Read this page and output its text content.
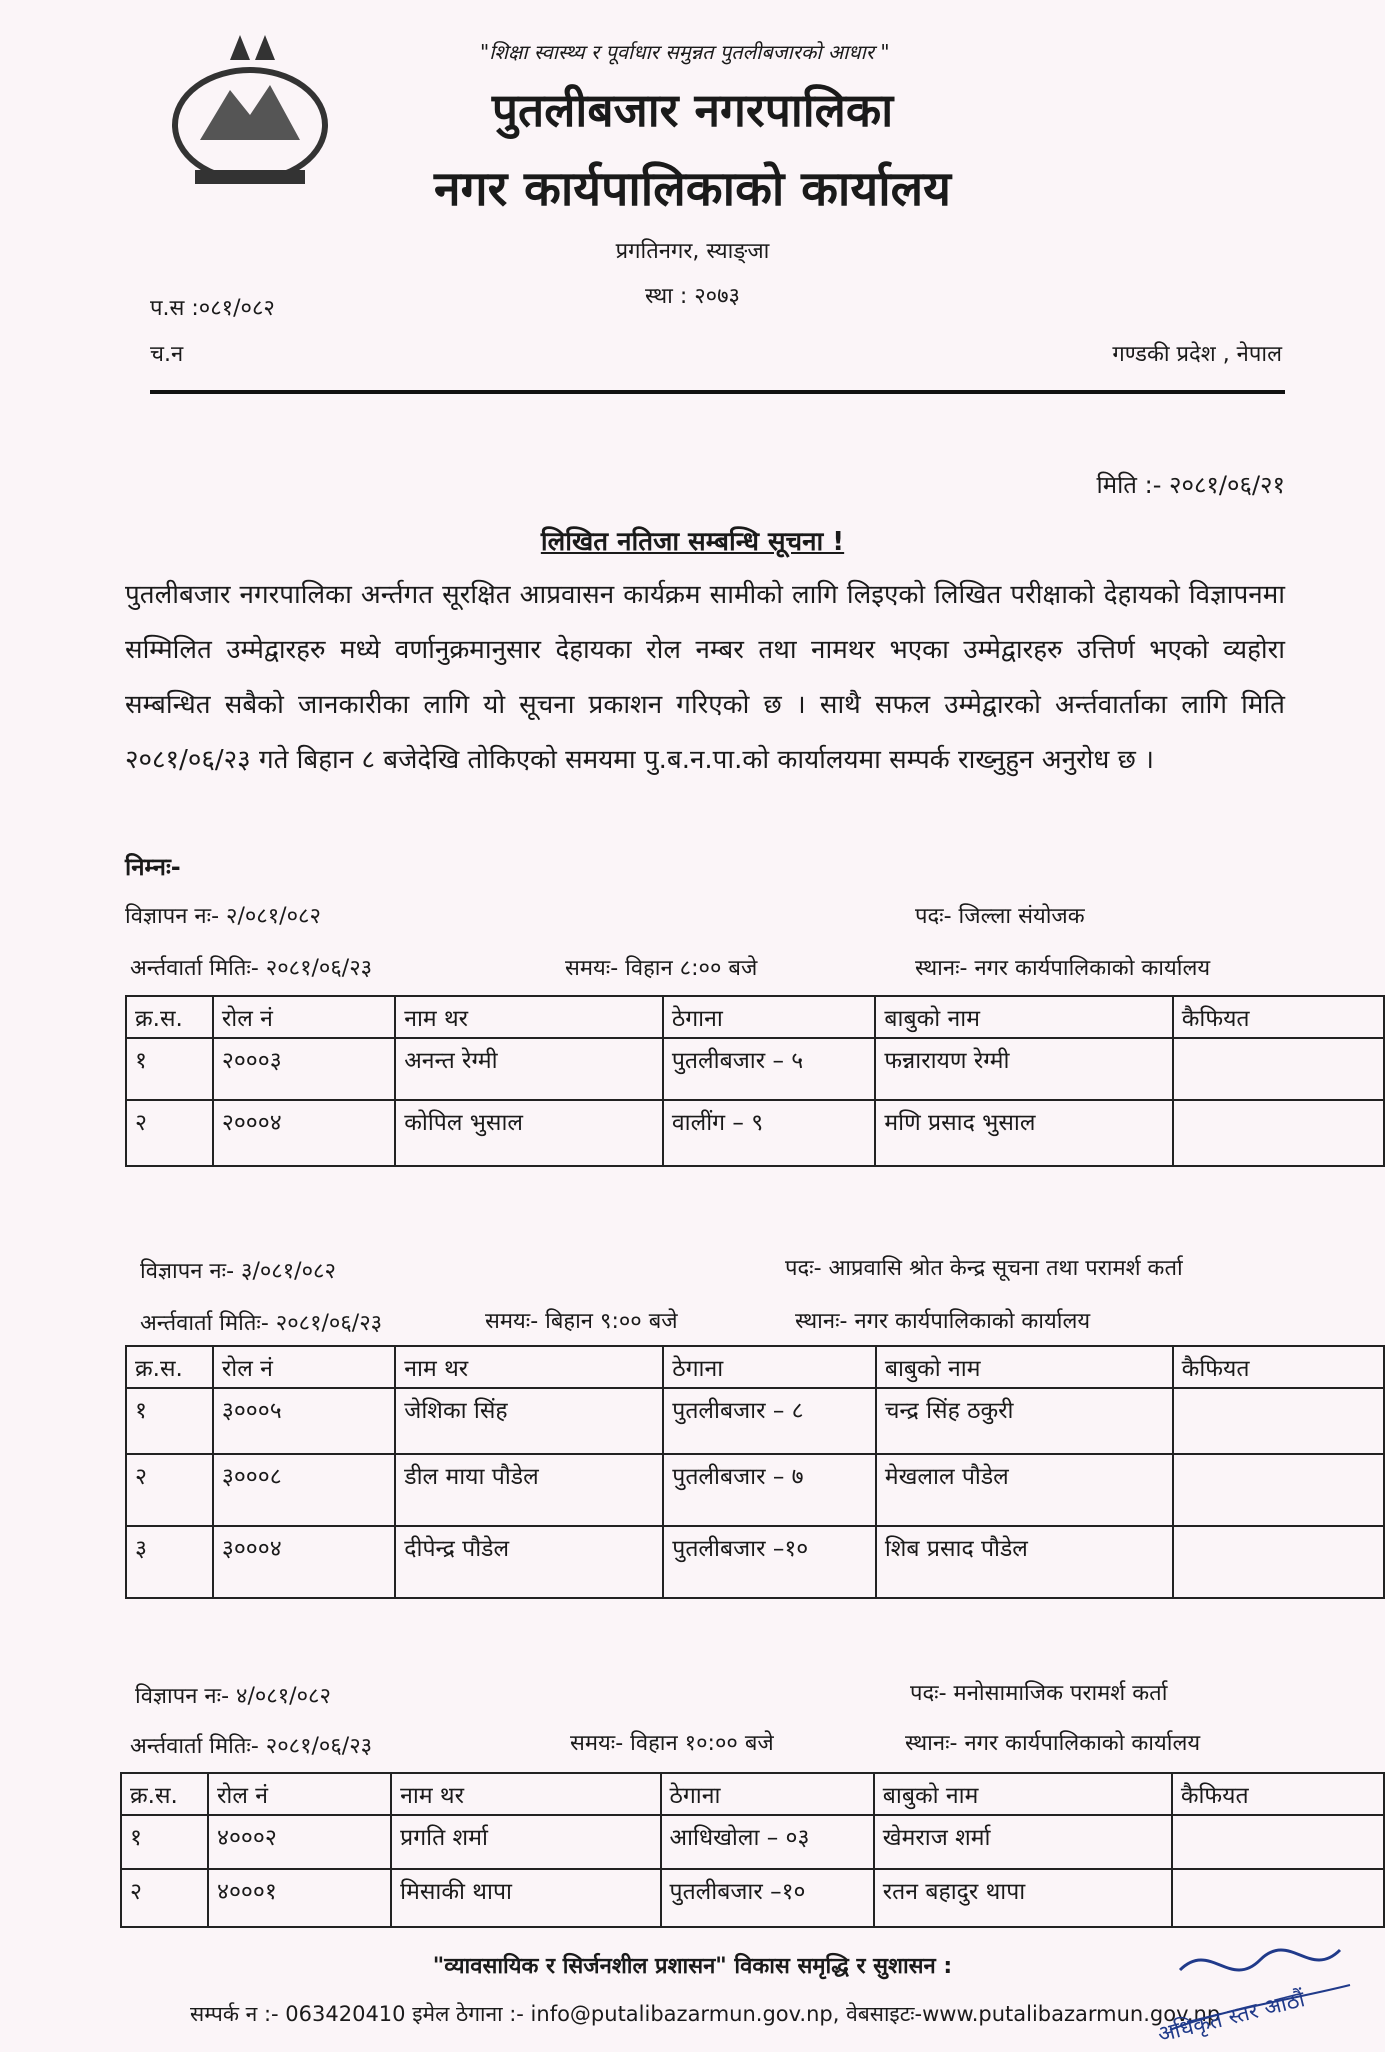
"शिक्षा स्वास्थ्य र पूर्वाधार समुन्नत पुतलीबजारको आधार "
पुतलीबजार नगरपालिका
नगर कार्यपालिकाको कार्यालय
प्रगतिनगर, स्याङ्जा
स्था : २०७३
प.स :०८१/०८२
च.न	गण्डकी प्रदेश , नेपाल
मिति :- २०८१/०६/२१
लिखित नतिजा सम्बन्धि सूचना !
पुतलीबजार नगरपालिका अर्न्तगत सूरक्षित आप्रवासन कार्यक्रम सामीको लागि लिइएको लिखित परीक्षाको देहायको विज्ञापनमा सम्मिलित उम्मेद्वारहरु मध्ये वर्णानुक्रमानुसार देहायका रोल नम्बर तथा नामथर भएका उम्मेद्वारहरु उत्तिर्ण भएको व्यहोरा सम्बन्धित सबैको जानकारीका लागि यो सूचना प्रकाशन गरिएको छ । साथै सफल उम्मेद्वारको अर्न्तवार्ताका लागि मिति २०८१/०६/२३ गते बिहान ८ बजेदेखि तोकिएको समयमा पु.ब.न.पा.को कार्यालयमा सम्पर्क राख्नुहुन अनुरोध छ ।
निम्नः-
विज्ञापन नः- २/०८१/०८२	पदः- जिल्ला संयोजक
अर्न्तवार्ता मितिः- २०८१/०६/२३	समयः- विहान ८:०० बजे	स्थानः- नगर कार्यपालिकाको कार्यालय
क्र.स.	रोल नं	नाम थर	ठेगाना	बाबुको नाम	कैफियत
१	२०००३	अनन्त रेग्मी	पुतलीबजार – ५	फन्नारायण रेग्मी	
२	२०००४	कोपिल भुसाल	वालींग – ९	मणि प्रसाद भुसाल	
विज्ञापन नः- ३/०८१/०८२	पदः- आप्रवासि श्रोत केन्द्र सूचना तथा परामर्श कर्ता
अर्न्तवार्ता मितिः- २०८१/०६/२३	समयः- बिहान ९:०० बजे	स्थानः- नगर कार्यपालिकाको कार्यालय
क्र.स.	रोल नं	नाम थर	ठेगाना	बाबुको नाम	कैफियत
१	३०००५	जेशिका सिंह	पुतलीबजार – ८	चन्द्र सिंह ठकुरी	
२	३०००८	डील माया पौडेल	पुतलीबजार – ७	मेखलाल पौडेल	
३	३०००४	दीपेन्द्र पौडेल	पुतलीबजार –१०	शिब प्रसाद पौडेल	
विज्ञापन नः- ४/०८१/०८२	पदः- मनोसामाजिक परामर्श कर्ता
अर्न्तवार्ता मितिः- २०८१/०६/२३	समयः- विहान १०:०० बजे	स्थानः- नगर कार्यपालिकाको कार्यालय
क्र.स.	रोल नं	नाम थर	ठेगाना	बाबुको नाम	कैफियत
१	४०००२	प्रगति शर्मा	आधिखोला – ०३	खेमराज शर्मा	
२	४०००१	मिसाकी थापा	पुतलीबजार –१०	रतन बहादुर थापा	
"व्यावसायिक र सिर्जनशील प्रशासन" विकास समृद्धि र सुशासन :
सम्पर्क न :- 063420410 इमेल ठेगाना :- info@putalibazarmun.gov.np, वेबसाइटः-www.putalibazarmun.gov.np
अधिकृत स्तर आठौं
